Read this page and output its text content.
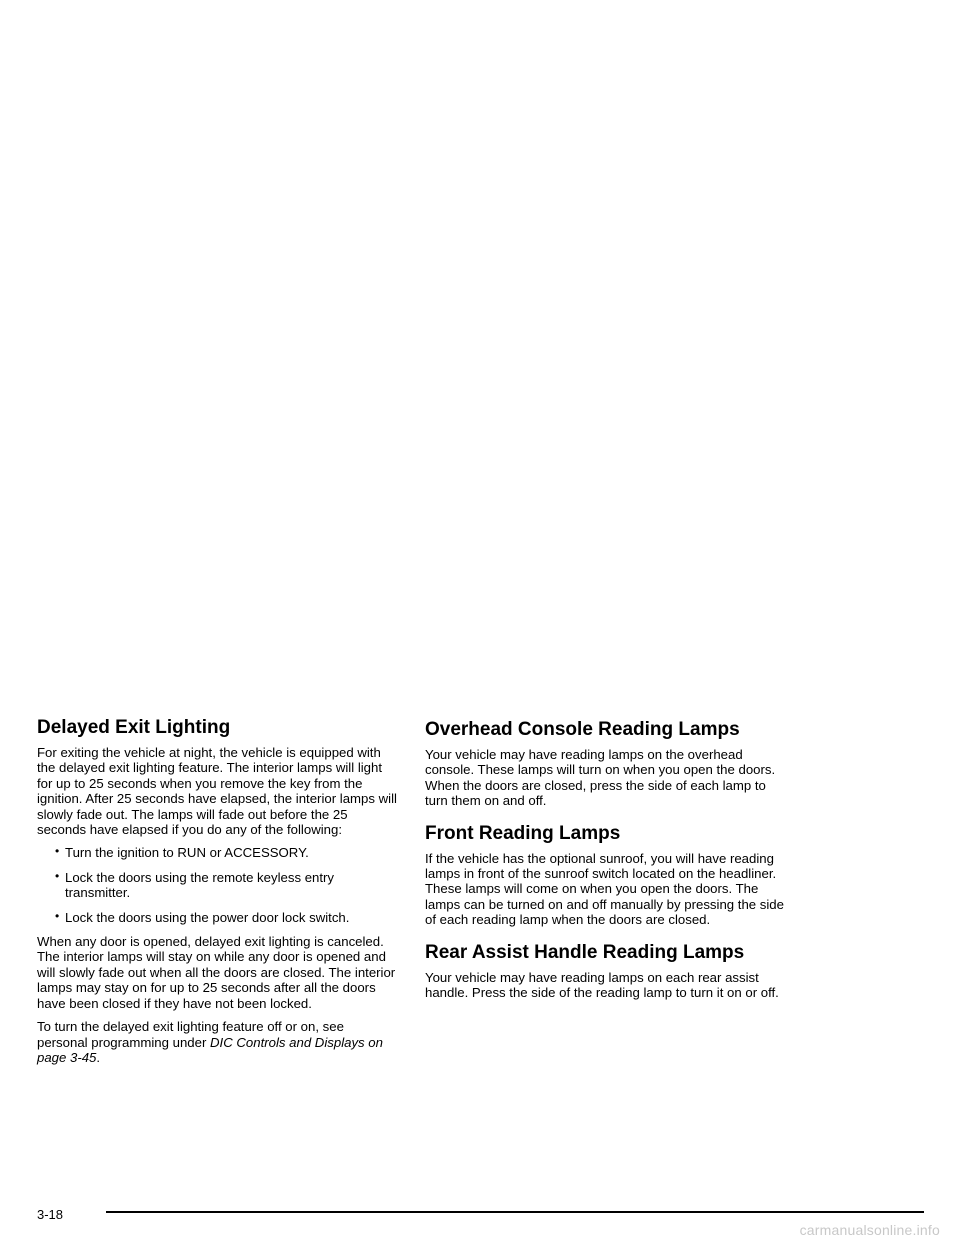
Delayed Exit Lighting

For exiting the vehicle at night, the vehicle is equipped with the delayed exit lighting feature. The interior lamps will light for up to 25 seconds when you remove the key from the ignition. After 25 seconds have elapsed, the interior lamps will slowly fade out. The lamps will fade out before the 25 seconds have elapsed if you do any of the following:

• Turn the ignition to RUN or ACCESSORY.
• Lock the doors using the remote keyless entry transmitter.
• Lock the doors using the power door lock switch.

When any door is opened, delayed exit lighting is canceled. The interior lamps will stay on while any door is opened and will slowly fade out when all the doors are closed. The interior lamps may stay on for up to 25 seconds after all the doors have been closed if they have not been locked.

To turn the delayed exit lighting feature off or on, see personal programming under DIC Controls and Displays on page 3-45.

Overhead Console Reading Lamps

Your vehicle may have reading lamps on the overhead console. These lamps will turn on when you open the doors. When the doors are closed, press the side of each lamp to turn them on and off.

Front Reading Lamps

If the vehicle has the optional sunroof, you will have reading lamps in front of the sunroof switch located on the headliner. These lamps will come on when you open the doors. The lamps can be turned on and off manually by pressing the side of each reading lamp when the doors are closed.

Rear Assist Handle Reading Lamps

Your vehicle may have reading lamps on each rear assist handle. Press the side of the reading lamp to turn it on or off.

3-18
carmanualsonline.info
